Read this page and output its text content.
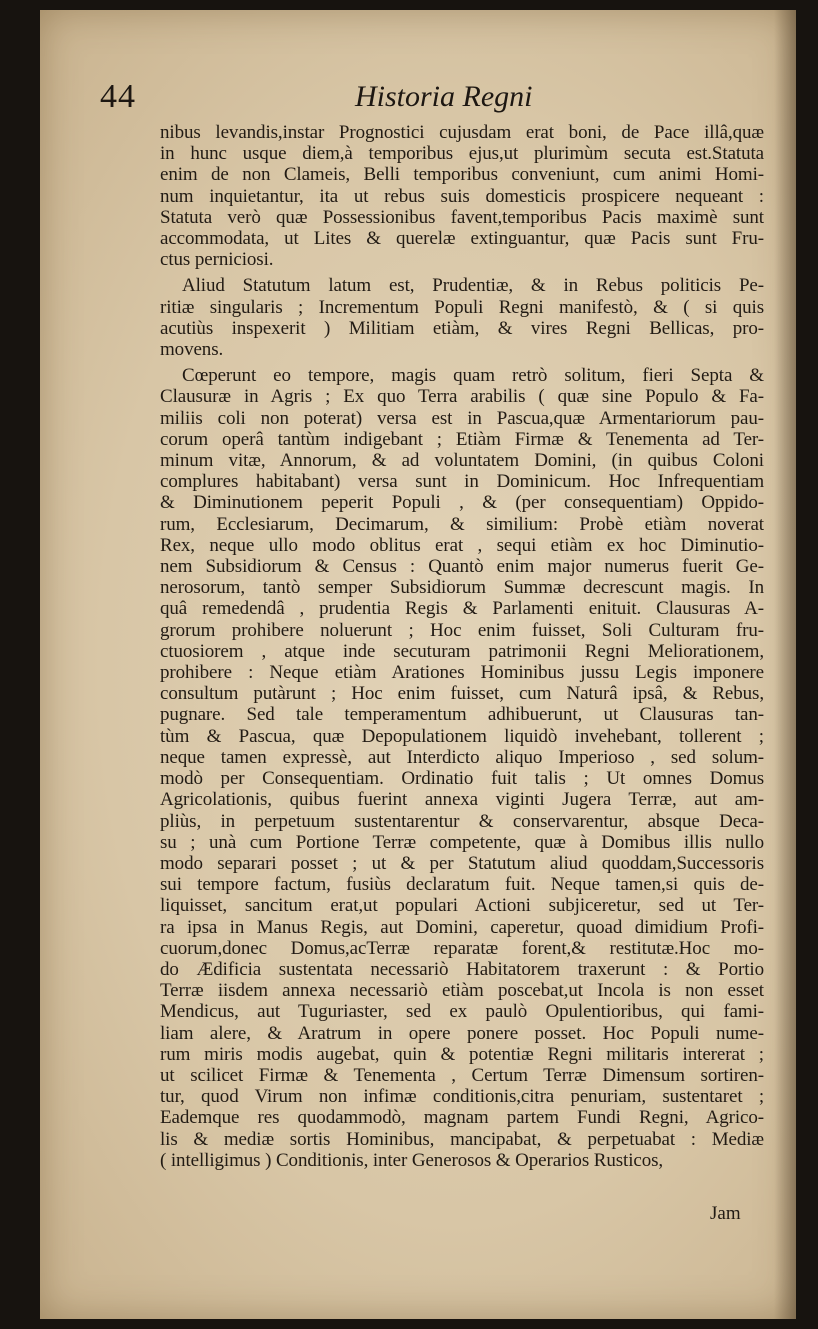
44	Historia Regni
nibus levandis,instar Prognostici cujusdam erat boni, de Pace illâ,quæ
in hunc usque diem,à temporibus ejus,ut plurimùm secuta est.Statuta
enim de non Clameis, Belli temporibus conveniunt, cum animi Homi-
num inquietantur, ita ut rebus suis domesticis prospicere nequeant :
Statuta verò quæ Possessionibus favent,temporibus Pacis maximè sunt
accommodata, ut Lites & querelæ extinguantur, quæ Pacis sunt Fru-
ctus perniciosi.
Aliud Statutum latum est, Prudentiæ, & in Rebus politicis Pe-
ritiæ singularis ; Incrementum Populi Regni manifestò, & ( si quis
acutiùs inspexerit ) Militiam etiàm, & vires Regni Bellicas, pro-
movens.
Cœperunt eo tempore, magis quam retrò solitum, fieri Septa &
Clausuræ in Agris ; Ex quo Terra arabilis ( quæ sine Populo & Fa-
miliis coli non poterat) versa est in Pascua,quæ Armentariorum pau-
corum operâ tantùm indigebant ; Etiàm Firmæ & Tenementa ad Ter-
minum vitæ, Annorum, & ad voluntatem Domini, (in quibus Coloni
complures habitabant) versa sunt in Dominicum. Hoc Infrequentiam
& Diminutionem peperit Populi , & (per consequentiam) Oppido-
rum, Ecclesiarum, Decimarum, & similium: Probè etiàm noverat
Rex, neque ullo modo oblitus erat , sequi etiàm ex hoc Diminutio-
nem Subsidiorum & Census : Quantò enim major numerus fuerit Ge-
nerosorum, tantò semper Subsidiorum Summæ decrescunt magis. In
quâ remedendâ , prudentia Regis & Parlamenti enituit. Clausuras A-
grorum prohibere noluerunt ; Hoc enim fuisset, Soli Culturam fru-
ctuosiorem , atque inde secuturam patrimonii Regni Meliorationem,
prohibere : Neque etiàm Arationes Hominibus jussu Legis imponere
consultum putàrunt ; Hoc enim fuisset, cum Naturâ ipsâ, & Rebus,
pugnare. Sed tale temperamentum adhibuerunt, ut Clausuras tan-
tùm & Pascua, quæ Depopulationem liquidò invehebant, tollerent ;
neque tamen expressè, aut Interdicto aliquo Imperioso , sed solum-
modò per Consequentiam. Ordinatio fuit talis ; Ut omnes Domus
Agricolationis, quibus fuerint annexa viginti Jugera Terræ, aut am-
pliùs, in perpetuum sustentarentur & conservarentur, absque Deca-
su ; unà cum Portione Terræ competente, quæ à Domibus illis nullo
modo separari posset ; ut & per Statutum aliud quoddam,Successoris
sui tempore factum, fusiùs declaratum fuit. Neque tamen,si quis de-
liquisset, sancitum erat,ut populari Actioni subjiceretur, sed ut Ter-
ra ipsa in Manus Regis, aut Domini, caperetur, quoad dimidium Profi-
cuorum,donec Domus,acTerræ reparatæ forent,& restitutæ.Hoc mo-
do Ædificia sustentata necessariò Habitatorem traxerunt : & Portio
Terræ iisdem annexa necessariò etiàm poscebat,ut Incola is non esset
Mendicus, aut Tuguriaster, sed ex paulò Opulentioribus, qui fami-
liam alere, & Aratrum in opere ponere posset. Hoc Populi nume-
rum miris modis augebat, quin & potentiæ Regni militaris intererat ;
ut scilicet Firmæ & Tenementa , Certum Terræ Dimensum sortiren-
tur, quod Virum non infimæ conditionis,citra penuriam, sustentaret ;
Eademque res quodammodò, magnam partem Fundi Regni, Agrico-
lis & mediæ sortis Hominibus, mancipabat, & perpetuabat : Mediæ
( intelligimus ) Conditionis, inter Generosos & Operarios Rusticos,
Jam
